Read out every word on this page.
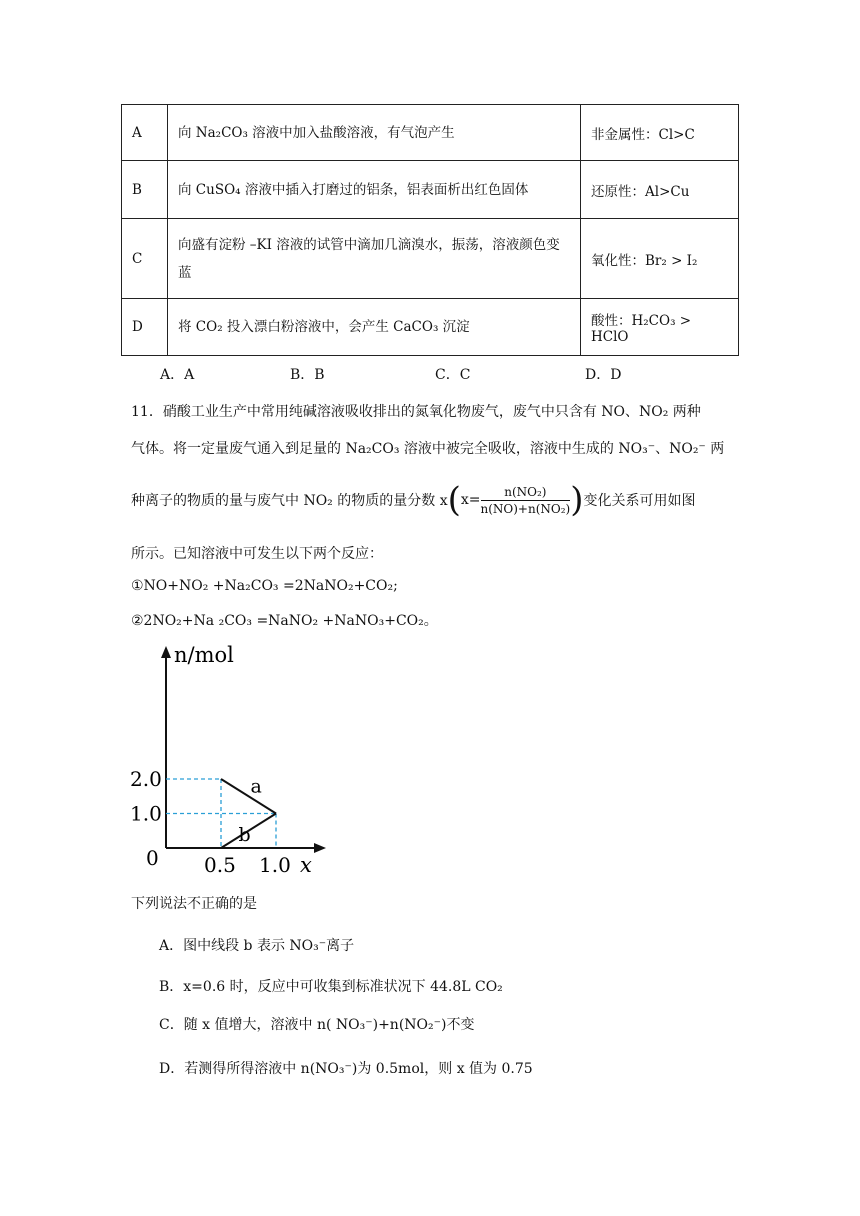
A	向 Na₂CO₃ 溶液中加入盐酸溶液，有气泡产生	非金属性：Cl>C
B	向 CuSO₄ 溶液中插入打磨过的铝条，铝表面析出红色固体	还原性：Al>Cu
C	向盛有淀粉 –KI 溶液的试管中滴加几滴溴水，振荡，溶液颜色变蓝	氧化性：Br₂ > I₂
D	将 CO₂ 投入漂白粉溶液中，会产生 CaCO₃ 沉淀	酸性：H₂CO₃ > HClO
A．A	B．B	C．C	D．D
11．硝酸工业生产中常用纯碱溶液吸收排出的氮氧化物废气，废气中只含有 NO、NO₂ 两种
气体。将一定量废气通入到足量的 Na₂CO₃ 溶液中被完全吸收，溶液中生成的 NO₃⁻、NO₂⁻ 两
种离子的物质的量与废气中 NO₂ 的物质的量分数 x ( $x= \frac{\text{n(NO₂)}}{\text{n(NO)+n(NO₂)}}$ ) 变化关系可用如图
所示。已知溶液中可发生以下两个反应：
①NO+NO₂ +Na₂CO₃ =2NaNO₂+CO₂;
②2NO₂+Na ₂CO₃ =NaNO₂ +NaNO₃+CO₂。
a
b
2.0
1.0
0.5 1.0
0	x
n/mol
下列说法不正确的是
A．图中线段 b 表示 NO₃⁻离子
B．x=0.6 时，反应中可收集到标准状况下 44.8L CO₂
C．随 x 值增大，溶液中 n( NO₃⁻)+n(NO₂⁻)不变
D．若测得所得溶液中 n(NO₃⁻)为 0.5mol，则 x 值为 0.75
